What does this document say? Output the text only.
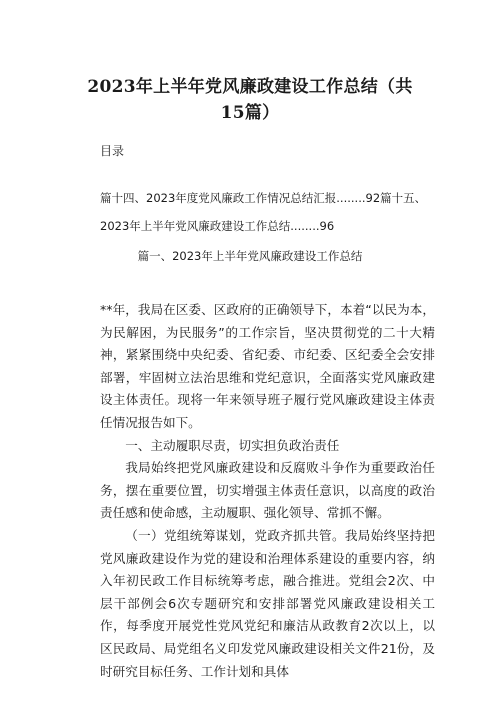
2023年上半年党风廉政建设工作总结（共
15篇）
目录
篇十四、2023年度党风廉政工作情况总结汇报........92篇十五、
2023年上半年党风廉政建设工作总结........96
篇一、2023年上半年党风廉政建设工作总结

**年，我局在区委、区政府的正确领导下，本着“以民为本，为民解困，为民服务”的工作宗旨，坚决贯彻党的二十大精神，紧紧围绕中央纪委、省纪委、市纪委、区纪委全会安排部署，牢固树立法治思维和党纪意识，全面落实党风廉政建设主体责任。现将一年来领导班子履行党风廉政建设主体责任情况报告如下。

一、主动履职尽责，切实担负政治责任

我局始终把党风廉政建设和反腐败斗争作为重要政治任务，摆在重要位置，切实增强主体责任意识，以高度的政治责任感和使命感，主动履职、强化领导、常抓不懈。

（一）党组统筹谋划，党政齐抓共管。我局始终坚持把党风廉政建设作为党的建设和治理体系建设的重要内容，纳入年初民政工作目标统筹考虑，融合推进。党组会2次、中层干部例会6次专题研究和安排部署党风廉政建设相关工作，每季度开展党性党风党纪和廉洁从政教育2次以上，以区民政局、局党组名义印发党风廉政建设相关文件21份，及时研究目标任务、工作计划和具体
